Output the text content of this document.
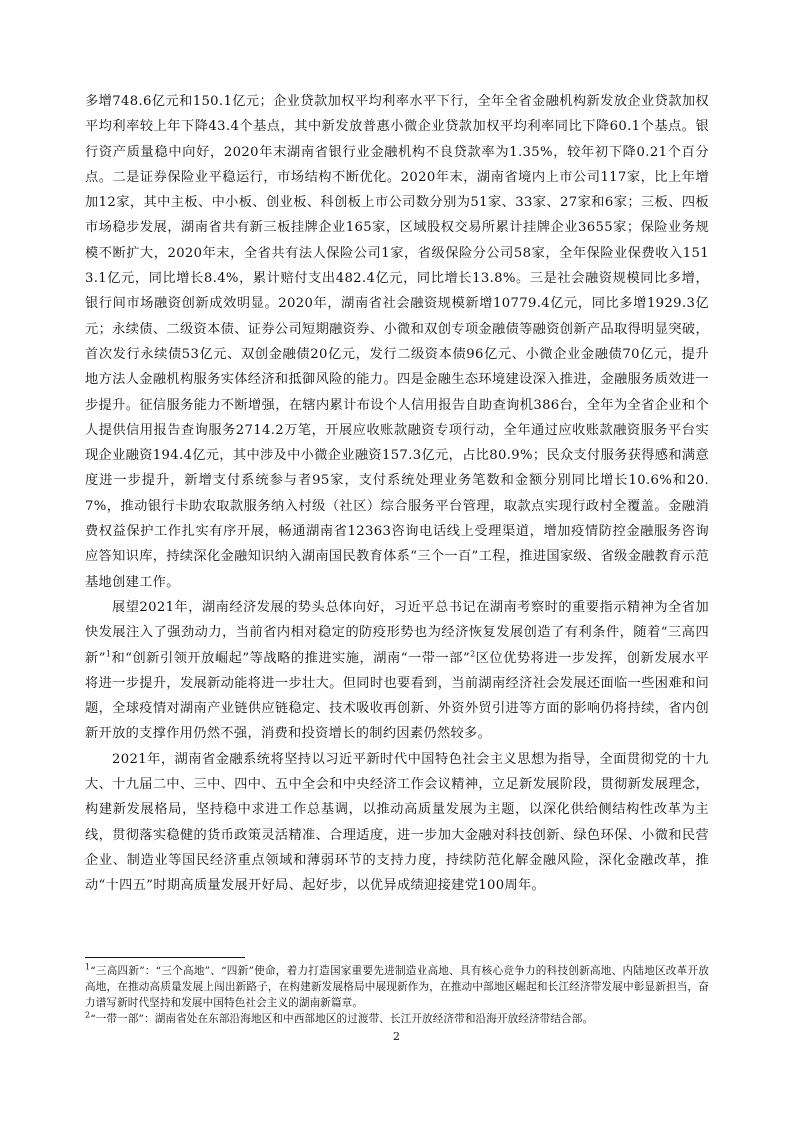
多增748.6亿元和150.1亿元；企业贷款加权平均利率水平下行，全年全省金融机构新发放企业贷款加权平均利率较上年下降43.4个基点，其中新发放普惠小微企业贷款加权平均利率同比下降60.1个基点。银行资产质量稳中向好，2020年末湖南省银行业金融机构不良贷款率为1.35%，较年初下降0.21个百分点。二是证券保险业平稳运行，市场结构不断优化。2020年末，湖南省境内上市公司117家，比上年增加12家，其中主板、中小板、创业板、科创板上市公司数分别为51家、33家、27家和6家；三板、四板市场稳步发展，湖南省共有新三板挂牌企业165家，区域股权交易所累计挂牌企业3655家；保险业务规模不断扩大，2020年末，全省共有法人保险公司1家，省级保险分公司58家，全年保险业保费收入1513.1亿元，同比增长8.4%，累计赔付支出482.4亿元，同比增长13.8%。三是社会融资规模同比多增，银行间市场融资创新成效明显。2020年，湖南省社会融资规模新增10779.4亿元，同比多增1929.3亿元；永续债、二级资本债、证券公司短期融资券、小微和双创专项金融债等融资创新产品取得明显突破，首次发行永续债53亿元、双创金融债20亿元，发行二级资本债96亿元、小微企业金融债70亿元，提升地方法人金融机构服务实体经济和抵御风险的能力。四是金融生态环境建设深入推进，金融服务质效进一步提升。征信服务能力不断增强，在辖内累计布设个人信用报告自助查询机386台，全年为全省企业和个人提供信用报告查询服务2714.2万笔，开展应收账款融资专项行动，全年通过应收账款融资服务平台实现企业融资194.4亿元，其中涉及中小微企业融资157.3亿元，占比80.9%；民众支付服务获得感和满意度进一步提升，新增支付系统参与者95家，支付系统处理业务笔数和金额分别同比增长10.6%和20.7%，推动银行卡助农取款服务纳入村级（社区）综合服务平台管理，取款点实现行政村全覆盖。金融消费权益保护工作扎实有序开展，畅通湖南省12363咨询电话线上受理渠道，增加疫情防控金融服务咨询应答知识库，持续深化金融知识纳入湖南国民教育体系“三个一百”工程，推进国家级、省级金融教育示范基地创建工作。

展望2021年，湖南经济发展的势头总体向好，习近平总书记在湖南考察时的重要指示精神为全省加快发展注入了强劲动力，当前省内相对稳定的防疫形势也为经济恢复发展创造了有利条件，随着“三高四新”$^1$和“创新引领开放崛起”等战略的推进实施，湖南“一带一部”$^2$区位优势将进一步发挥，创新发展水平将进一步提升，发展新动能将进一步壮大。但同时也要看到，当前湖南经济社会发展还面临一些困难和问题，全球疫情对湖南产业链供应链稳定、技术吸收再创新、外资外贸引进等方面的影响仍将持续，省内创新开放的支撑作用仍然不强，消费和投资增长的制约因素仍然较多。

2021年，湖南省金融系统将坚持以习近平新时代中国特色社会主义思想为指导，全面贯彻党的十九大、十九届二中、三中、四中、五中全会和中央经济工作会议精神，立足新发展阶段，贯彻新发展理念，构建新发展格局，坚持稳中求进工作总基调，以推动高质量发展为主题，以深化供给侧结构性改革为主线，贯彻落实稳健的货币政策灵活精准、合理适度，进一步加大金融对科技创新、绿色环保、小微和民营企业、制造业等国民经济重点领域和薄弱环节的支持力度，持续防范化解金融风险，深化金融改革，推动“十四五”时期高质量发展开好局、起好步，以优异成绩迎接建党100周年。

$^1$“三高四新”：“三个高地”、“四新”使命，着力打造国家重要先进制造业高地、具有核心竞争力的科技创新高地、内陆地区改革开放高地，在推动高质量发展上闯出新路子，在构建新发展格局中展现新作为，在推动中部地区崛起和长江经济带发展中彰显新担当，奋力谱写新时代坚持和发展中国特色社会主义的湖南新篇章。

$^2$“一带一部”：湖南省处在东部沿海地区和中西部地区的过渡带、长江开放经济带和沿海开放经济带结合部。

2
